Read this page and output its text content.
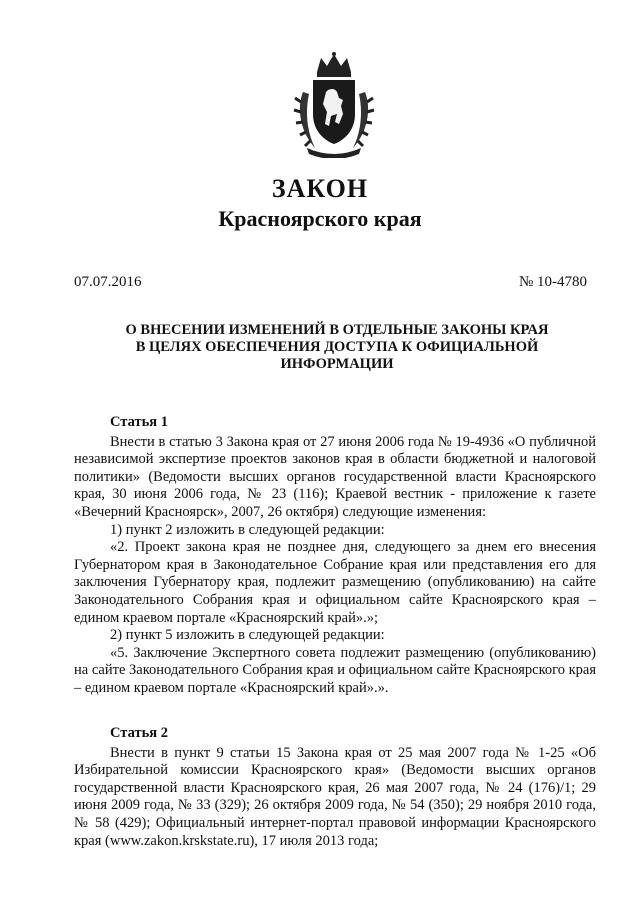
ЗАКОН
Красноярского края
07.07.2016	№ 10-4780
О ВНЕСЕНИИ ИЗМЕНЕНИЙ В ОТДЕЛЬНЫЕ ЗАКОНЫ КРАЯ
В ЦЕЛЯХ ОБЕСПЕЧЕНИЯ ДОСТУПА К ОФИЦИАЛЬНОЙ
ИНФОРМАЦИИ

Статья 1

Внести в статью 3 Закона края от 27 июня 2006 года № 19-4936 «О публичной независимой экспертизе проектов законов края в области бюджетной и налоговой политики» (Ведомости высших органов государственной власти Красноярского края, 30 июня 2006 года, № 23 (116); Краевой вестник - приложение к газете «Вечерний Красноярск», 2007, 26 октября) следующие изменения:

1) пункт 2 изложить в следующей редакции:

«2. Проект закона края не позднее дня, следующего за днем его внесения Губернатором края в Законодательное Собрание края или представления его для заключения Губернатору края, подлежит размещению (опубликованию) на сайте Законодательного Собрания края и официальном сайте Красноярского края – едином краевом портале «Красноярский край».»;

2) пункт 5 изложить в следующей редакции:

«5. Заключение Экспертного совета подлежит размещению (опубликованию) на сайте Законодательного Собрания края и официальном сайте Красноярского края – едином краевом портале «Красноярский край».».

Статья 2

Внести в пункт 9 статьи 15 Закона края от 25 мая 2007 года № 1-25 «Об Избирательной комиссии Красноярского края» (Ведомости высших органов государственной власти Красноярского края, 26 мая 2007 года, № 24 (176)/1; 29 июня 2009 года, № 33 (329); 26 октября 2009 года, № 54 (350); 29 ноября 2010 года, № 58 (429); Официальный интернет-портал правовой информации Красноярского края (www.zakon.krskstate.ru), 17 июля 2013 года;
